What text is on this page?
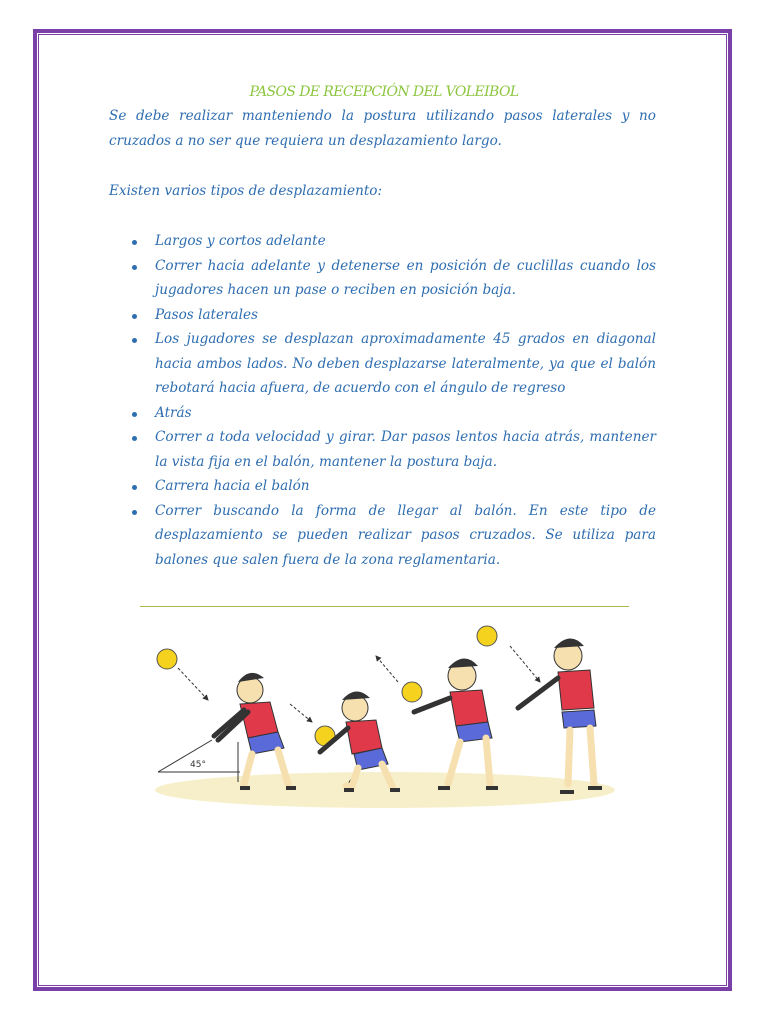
PASOS DE RECEPCIÓN DEL VOLEIBOL

Se debe realizar manteniendo la postura utilizando pasos laterales y no cruzados a no ser que requiera un desplazamiento largo.

Existen varios tipos de desplazamiento:

Largos y cortos adelante
Correr hacia adelante y detenerse en posición de cuclillas cuando los jugadores hacen un pase o reciben en posición baja.
Pasos laterales
Los jugadores se desplazan aproximadamente 45 grados en diagonal hacia ambos lados. No deben desplazarse lateralmente, ya que el balón rebotará hacia afuera, de acuerdo con el ángulo de regreso
Atrás
Correr a toda velocidad y girar. Dar pasos lentos hacia atrás, mantener la vista fija en el balón, mantener la postura baja.
Carrera hacia el balón
Correr buscando la forma de llegar al balón. En este tipo de desplazamiento se pueden realizar pasos cruzados. Se utiliza para balones que salen fuera de la zona reglamentaria.
45°
